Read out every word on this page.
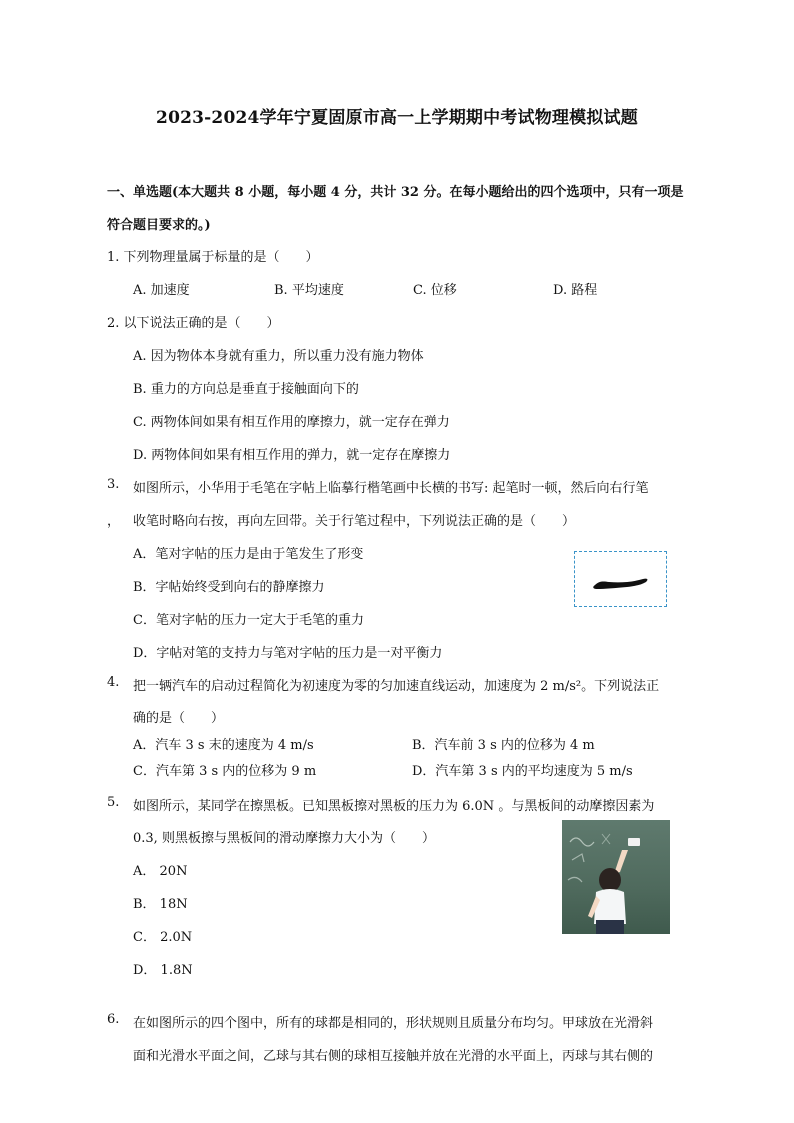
2023-2024学年宁夏固原市高一上学期期中考试物理模拟试题
一、单选题(本大题共 8 小题，每小题 4 分，共计 32 分。在每小题给出的四个选项中，只有一项是符合题目要求的。)
1. 下列物理量属于标量的是（　　）
A. 加速度	B. 平均速度	C. 位移	D. 路程
2. 以下说法正确的是（　　）
A. 因为物体本身就有重力，所以重力没有施力物体
B. 重力的方向总是垂直于接触面向下的
C. 两物体间如果有相互作用的摩擦力，就一定存在弹力
D. 两物体间如果有相互作用的弹力，就一定存在摩擦力
3. 如图所示，小华用于毛笔在字帖上临摹行楷笔画中长横的书写: 起笔时一顿，然后向右行笔
， 收笔时略向右按，再向左回带。关于行笔过程中，下列说法正确的是（　　）
A．笔对字帖的压力是由于笔发生了形变
B．字帖始终受到向右的静摩擦力
C．笔对字帖的压力一定大于毛笔的重力
D．字帖对笔的支持力与笔对字帖的压力是一对平衡力
4. 把一辆汽车的启动过程简化为初速度为零的匀加速直线运动，加速度为 2 m/s²。下列说法正
确的是（　　）
A．汽车 3 s 末的速度为 4 m/s	B．汽车前 3 s 内的位移为 4 m
C．汽车第 3 s 内的位移为 9 m	D．汽车第 3 s 内的平均速度为 5 m/s
5. 如图所示，某同学在擦黑板。已知黑板擦对黑板的压力为 6.0N 。与黑板间的动摩擦因素为
0.3, 则黑板擦与黑板间的滑动摩擦力大小为（　　）
A． 20N
B． 18N
C． 2.0N
D． 1.8N
6. 在如图所示的四个图中，所有的球都是相同的，形状规则且质量分布均匀。甲球放在光滑斜
面和光滑水平面之间，乙球与其右侧的球相互接触并放在光滑的水平面上，丙球与其右侧的
